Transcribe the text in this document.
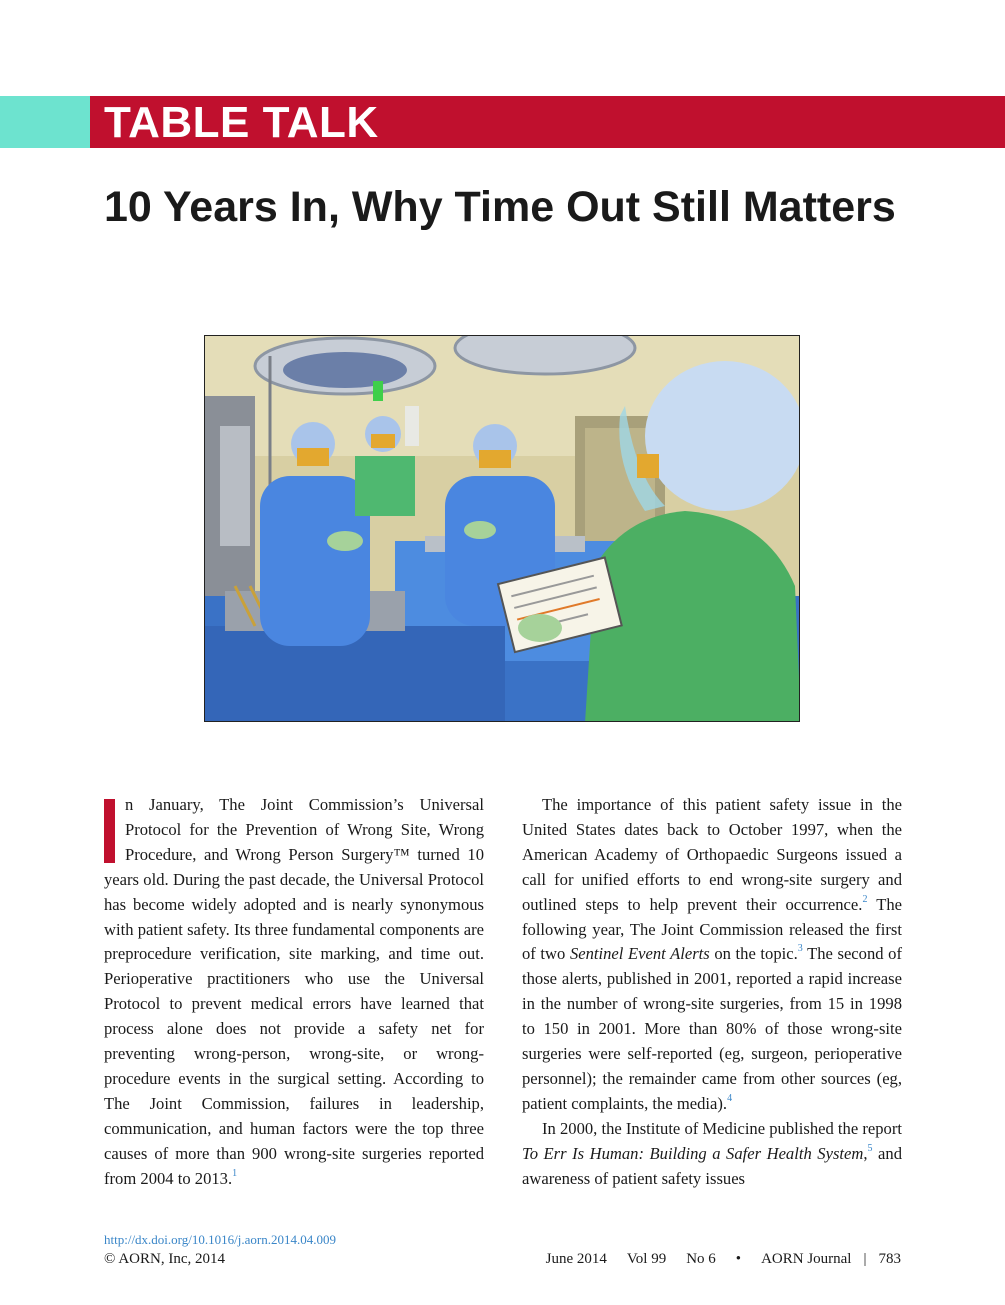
TABLE TALK
10 Years In, Why Time Out Still Matters

n January, The Joint Commission’s Universal Protocol for the Prevention of Wrong Site, Wrong Procedure, and Wrong Person Surgery™ turned 10 years old. During the past decade, the Universal Protocol has become widely adopted and is nearly synonymous with patient safety. Its three fundamental components are preprocedure verification, site marking, and time out. Perioperative practitioners who use the Universal Protocol to prevent medical errors have learned that process alone does not provide a safety net for preventing wrong-person, wrong-site, or wrong-procedure events in the surgical setting. According to The Joint Commission, failures in leadership, communication, and human factors were the top three causes of more than 900 wrong-site surgeries reported from 2004 to 2013.$^1$

The importance of this patient safety issue in the United States dates back to October 1997, when the American Academy of Orthopaedic Surgeons issued a call for unified efforts to end wrong-site surgery and outlined steps to help prevent their occurrence.$^2$ The following year, The Joint Commission released the first of two Sentinel Event Alerts on the topic.$^3$ The second of those alerts, published in 2001, reported a rapid increase in the number of wrong-site surgeries, from 15 in 1998 to 150 in 2001. More than 80% of those wrong-site surgeries were self-reported (eg, surgeon, perioperative personnel); the remainder came from other sources (eg, patient complaints, the media).$^4$

In 2000, the Institute of Medicine published the report To Err Is Human: Building a Safer Health System,$^5$ and awareness of patient safety issues

http://dx.doi.org/10.1016/j.aorn.2014.04.009
© AORN, Inc, 2014	June 2014 Vol 99 No 6 • AORN Journal | 783
